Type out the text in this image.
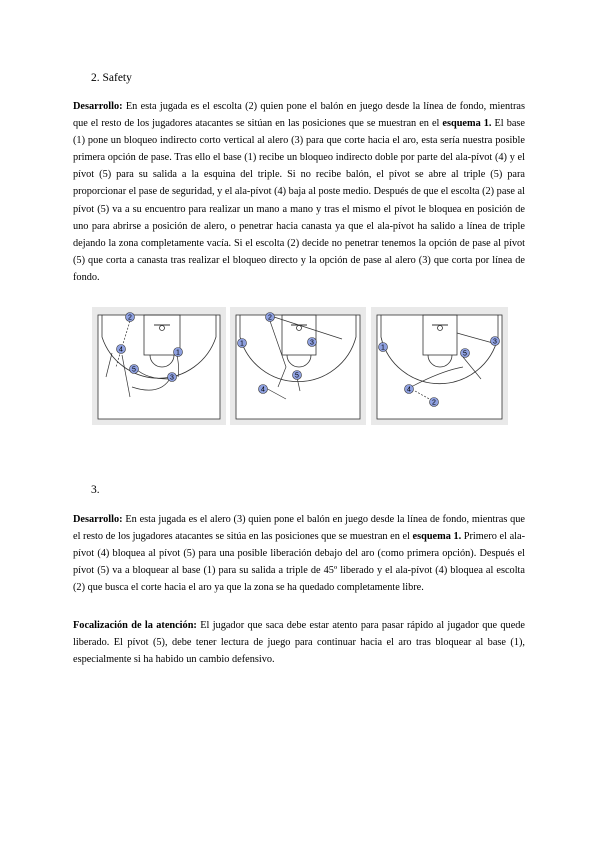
2. Safety

Desarrollo: En esta jugada es el escolta (2) quien pone el balón en juego desde la línea de fondo, mientras que el resto de los jugadores atacantes se sitúan en las posiciones que se muestran en el esquema 1. El base (1) pone un bloqueo indirecto corto vertical al alero (3) para que corte hacia el aro, esta sería nuestra posible primera opción de pase. Tras ello el base (1) recibe un bloqueo indirecto doble por parte del ala-pívot (4) y el pívot (5) para su salida a la esquina del triple. Si no recibe balón, el pívot se abre al triple (5) para proporcionar el pase de seguridad, y el ala-pívot (4) baja al poste medio. Después de que el escolta (2) pase al pívot (5) va a su encuentro para realizar un mano a mano y tras el mismo el pívot le bloquea en posición de uno para abrirse a posición de alero, o penetrar hacia canasta ya que el ala-pívot ha salido a línea de triple dejando la zona completamente vacía. Si el escolta (2) decide no penetrar tenemos la opción de pase al pívot (5) que corta a canasta tras realizar el bloqueo directo y la opción de pase al alero (3) que corta por línea de fondo.

2
4	1
5
3
2
1	3
5
4
1
3
5
4
2
3.

Desarrollo: En esta jugada es el alero (3) quien pone el balón en juego desde la línea de fondo, mientras que el resto de los jugadores atacantes se sitúa en las posiciones que se muestran en el esquema 1. Primero el ala-pívot (4) bloquea al pívot (5) para una posible liberación debajo del aro (como primera opción). Después el pívot (5) va a bloquear al base (1) para su salida a triple de 45º liberado y el ala-pívot (4) bloquea al escolta (2) que busca el corte hacia el aro ya que la zona se ha quedado completamente libre.

Focalización de la atención: El jugador que saca debe estar atento para pasar rápido al jugador que quede liberado. El pívot (5), debe tener lectura de juego para continuar hacia el aro tras bloquear al base (1), especialmente si ha habido un cambio defensivo.
